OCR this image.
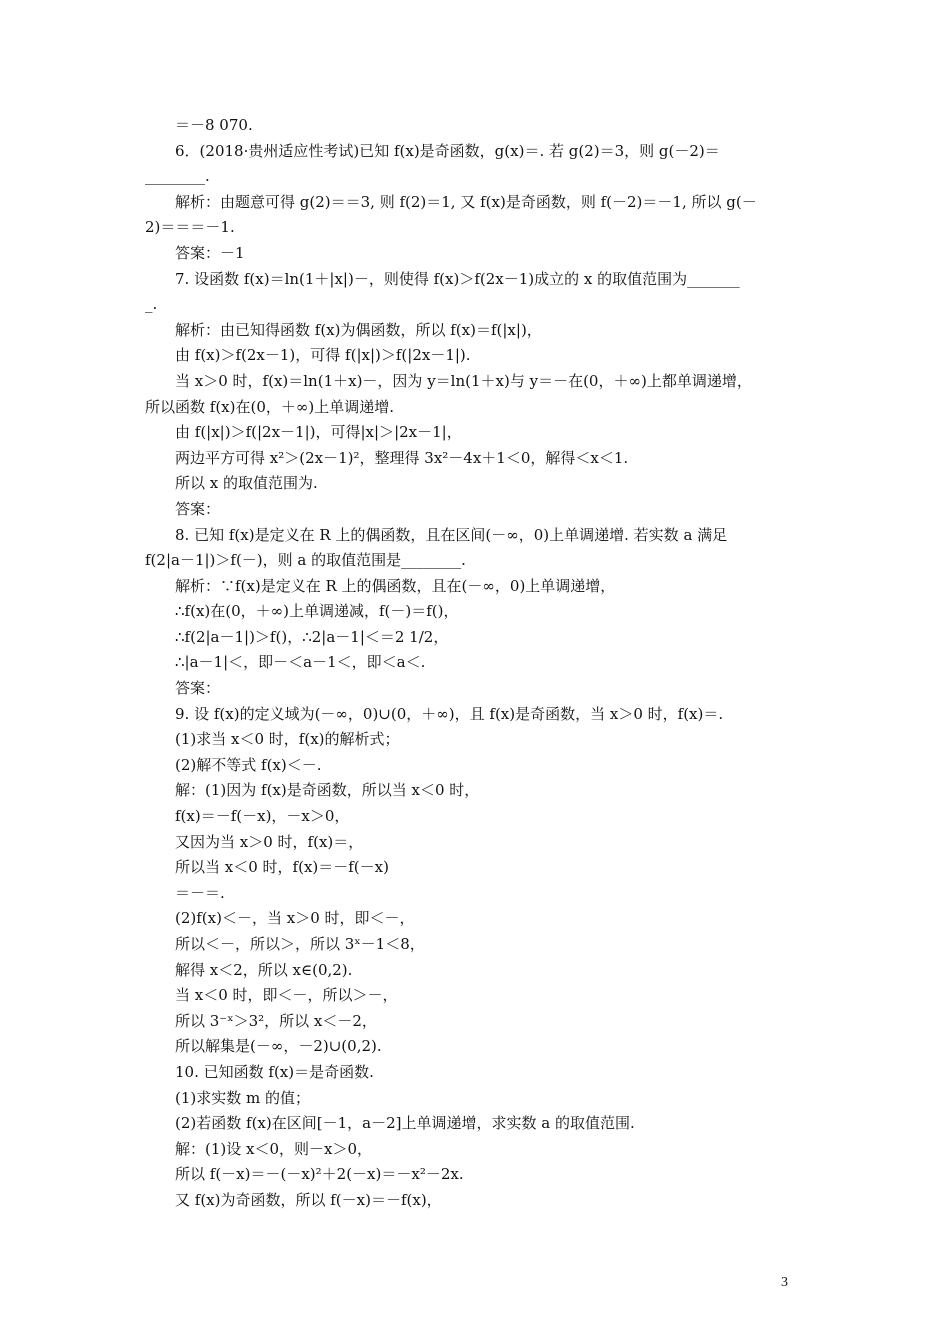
＝－8 070.
6．(2018·贵州适应性考试)已知 f(x)是奇函数，g(x)＝. 若 g(2)＝3，则 g(－2)＝
________.
解析：由题意可得 g(2)＝＝3, 则 f(2)＝1, 又 f(x)是奇函数，则 f(－2)＝－1, 所以 g(－
2)＝＝＝－1.
答案：－1
7. 设函数 f(x)＝ln(1＋|x|)－，则使得 f(x)＞f(2x－1)成立的 x 的取值范围为_______
_.
解析：由已知得函数 f(x)为偶函数，所以 f(x)＝f(|x|)，
由 f(x)＞f(2x－1)，可得 f(|x|)＞f(|2x－1|).
当 x＞0 时，f(x)＝ln(1＋x)－，因为 y＝ln(1＋x)与 y＝－在(0，＋∞)上都单调递增，
所以函数 f(x)在(0，＋∞)上单调递增.
由 f(|x|)＞f(|2x－1|)，可得|x|＞|2x－1|，
两边平方可得 x²＞(2x－1)²，整理得 3x²－4x＋1＜0，解得＜x＜1.
所以 x 的取值范围为.
答案：
8. 已知 f(x)是定义在 R 上的偶函数，且在区间(－∞，0)上单调递增. 若实数 a 满足
f(2|a－1|)＞f(－)，则 a 的取值范围是________.
解析：∵f(x)是定义在 R 上的偶函数，且在(－∞，0)上单调递增，
∴f(x)在(0，＋∞)上单调递减，f(－)＝f()，
∴f(2|a－1|)＞f()，∴2|a－1|＜＝2 1/2，
∴|a－1|＜，即－＜a－1＜，即＜a＜.
答案：
9. 设 f(x)的定义域为(－∞，0)∪(0，＋∞)，且 f(x)是奇函数，当 x＞0 时，f(x)＝.
(1)求当 x＜0 时，f(x)的解析式；
(2)解不等式 f(x)＜－.
解：(1)因为 f(x)是奇函数，所以当 x＜0 时，
f(x)＝－f(－x)，－x＞0，
又因为当 x＞0 时，f(x)＝，
所以当 x＜0 时，f(x)＝－f(－x)
＝－＝.
(2)f(x)＜－，当 x＞0 时，即＜－，
所以＜－，所以＞，所以 3ˣ－1＜8，
解得 x＜2，所以 x∈(0,2).
当 x＜0 时，即＜－，所以＞－，
所以 3⁻ˣ＞3²，所以 x＜－2，
所以解集是(－∞，－2)∪(0,2).
10. 已知函数 f(x)＝是奇函数.
(1)求实数 m 的值；
(2)若函数 f(x)在区间[－1，a－2]上单调递增，求实数 a 的取值范围.
解：(1)设 x＜0，则－x＞0，
所以 f(－x)＝－(－x)²＋2(－x)＝－x²－2x.
又 f(x)为奇函数，所以 f(－x)＝－f(x)，
3
